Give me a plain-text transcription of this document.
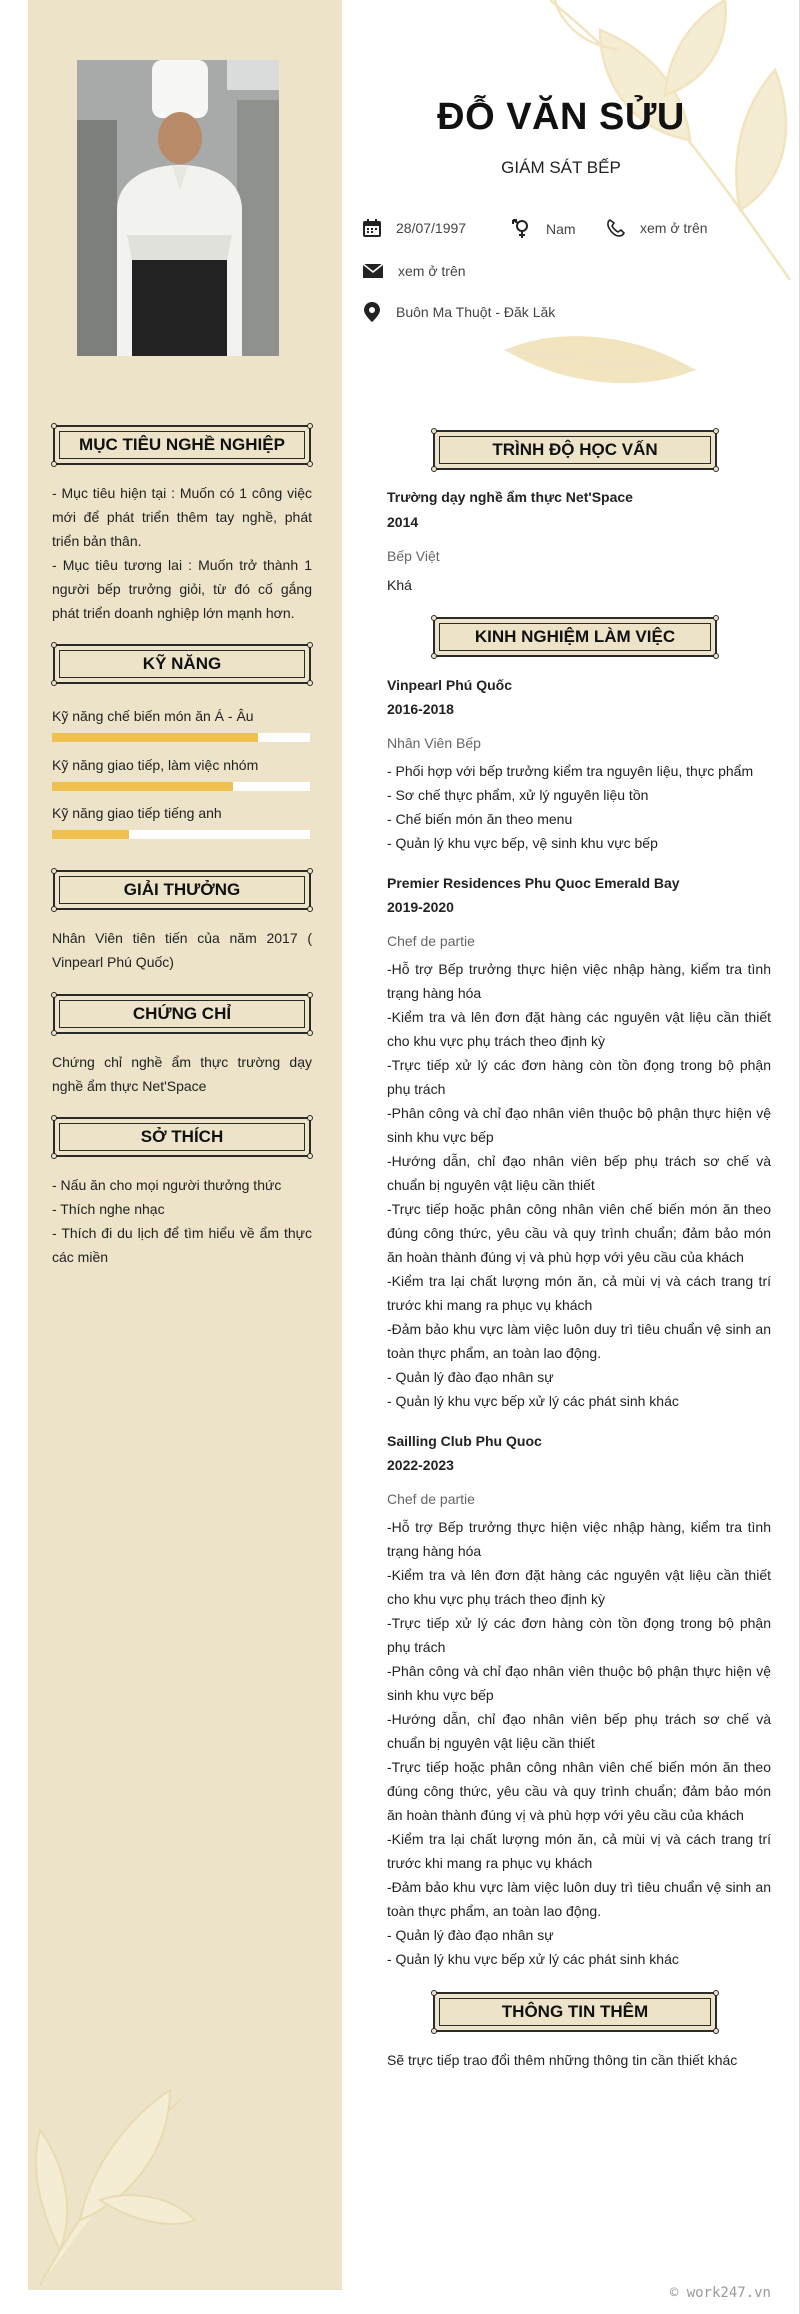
ĐỖ VĂN SỬU
GIÁM SÁT BẾP
28/07/1997	Nam	xem ở trên
xem ở trên
Buôn Ma Thuột - Đăk Lăk
MỤC TIÊU NGHỀ NGHIỆP
- Mục tiêu hiện tại : Muốn có 1 công việc mới để phát triển thêm tay nghề, phát triển bản thân.
- Mục tiêu tương lai : Muốn trở thành 1 người bếp trưởng giỏi, từ đó cố gắng phát triển doanh nghiệp lớn mạnh hơn.
KỸ NĂNG
Kỹ năng chế biến món ăn Á - Âu
Kỹ năng giao tiếp, làm việc nhóm
Kỹ năng giao tiếp tiếng anh
GIẢI THƯỞNG
Nhân Viên tiên tiến của năm 2017 ( Vinpearl Phú Quốc)
CHỨNG CHỈ
Chứng chỉ nghề ẩm thực trường dạy nghề ẩm thực Net'Space
SỞ THÍCH
- Nấu ăn cho mọi người thưởng thức
- Thích nghe nhạc
- Thích đi du lịch để tìm hiểu về ẩm thực các miền
TRÌNH ĐỘ HỌC VẤN
Trường dạy nghề ẩm thực Net'Space
2014
Bếp Việt
Khá
KINH NGHIỆM LÀM VIỆC
Vinpearl Phú Quốc
2016-2018
Nhân Viên Bếp
- Phối hợp với bếp trưởng kiểm tra nguyên liệu, thực phẩm
- Sơ chế thực phẩm, xử lý nguyên liệu tồn
- Chế biến món ăn theo menu
- Quản lý khu vực bếp, vệ sinh khu vực bếp
Premier Residences Phu Quoc Emerald Bay
2019-2020
Chef de partie
-Hỗ trợ Bếp trưởng thực hiện việc nhập hàng, kiểm tra tình trạng hàng hóa
-Kiểm tra và lên đơn đặt hàng các nguyên vật liệu cần thiết cho khu vực phụ trách theo định kỳ
-Trực tiếp xử lý các đơn hàng còn tồn đọng trong bộ phận phụ trách
-Phân công và chỉ đạo nhân viên thuộc bộ phận thực hiện vệ sinh khu vực bếp
-Hướng dẫn, chỉ đạo nhân viên bếp phụ trách sơ chế và chuẩn bị nguyên vật liệu cần thiết
-Trực tiếp hoặc phân công nhân viên chế biến món ăn theo đúng công thức, yêu cầu và quy trình chuẩn; đảm bảo món ăn hoàn thành đúng vị và phù hợp với yêu cầu của khách
-Kiểm tra lại chất lượng món ăn, cả mùi vị và cách trang trí trước khi mang ra phục vụ khách
-Đảm bảo khu vực làm việc luôn duy trì tiêu chuẩn vệ sinh an toàn thực phẩm, an toàn lao động.
- Quản lý đào đạo nhân sự
- Quản lý khu vực bếp xử lý các phát sinh khác
Sailling Club Phu Quoc
2022-2023
Chef de partie
-Hỗ trợ Bếp trưởng thực hiện việc nhập hàng, kiểm tra tình trạng hàng hóa
-Kiểm tra và lên đơn đặt hàng các nguyên vật liệu cần thiết cho khu vực phụ trách theo định kỳ
-Trực tiếp xử lý các đơn hàng còn tồn đọng trong bộ phận phụ trách
-Phân công và chỉ đạo nhân viên thuộc bộ phận thực hiện vệ sinh khu vực bếp
-Hướng dẫn, chỉ đạo nhân viên bếp phụ trách sơ chế và chuẩn bị nguyên vật liệu cần thiết
-Trực tiếp hoặc phân công nhân viên chế biến món ăn theo đúng công thức, yêu cầu và quy trình chuẩn; đảm bảo món ăn hoàn thành đúng vị và phù hợp với yêu cầu của khách
-Kiểm tra lại chất lượng món ăn, cả mùi vị và cách trang trí trước khi mang ra phục vụ khách
-Đảm bảo khu vực làm việc luôn duy trì tiêu chuẩn vệ sinh an toàn thực phẩm, an toàn lao động.
- Quản lý đào đạo nhân sự
- Quản lý khu vực bếp xử lý các phát sinh khác
THÔNG TIN THÊM
Sẽ trực tiếp trao đổi thêm những thông tin cần thiết khác
© work247.vn
